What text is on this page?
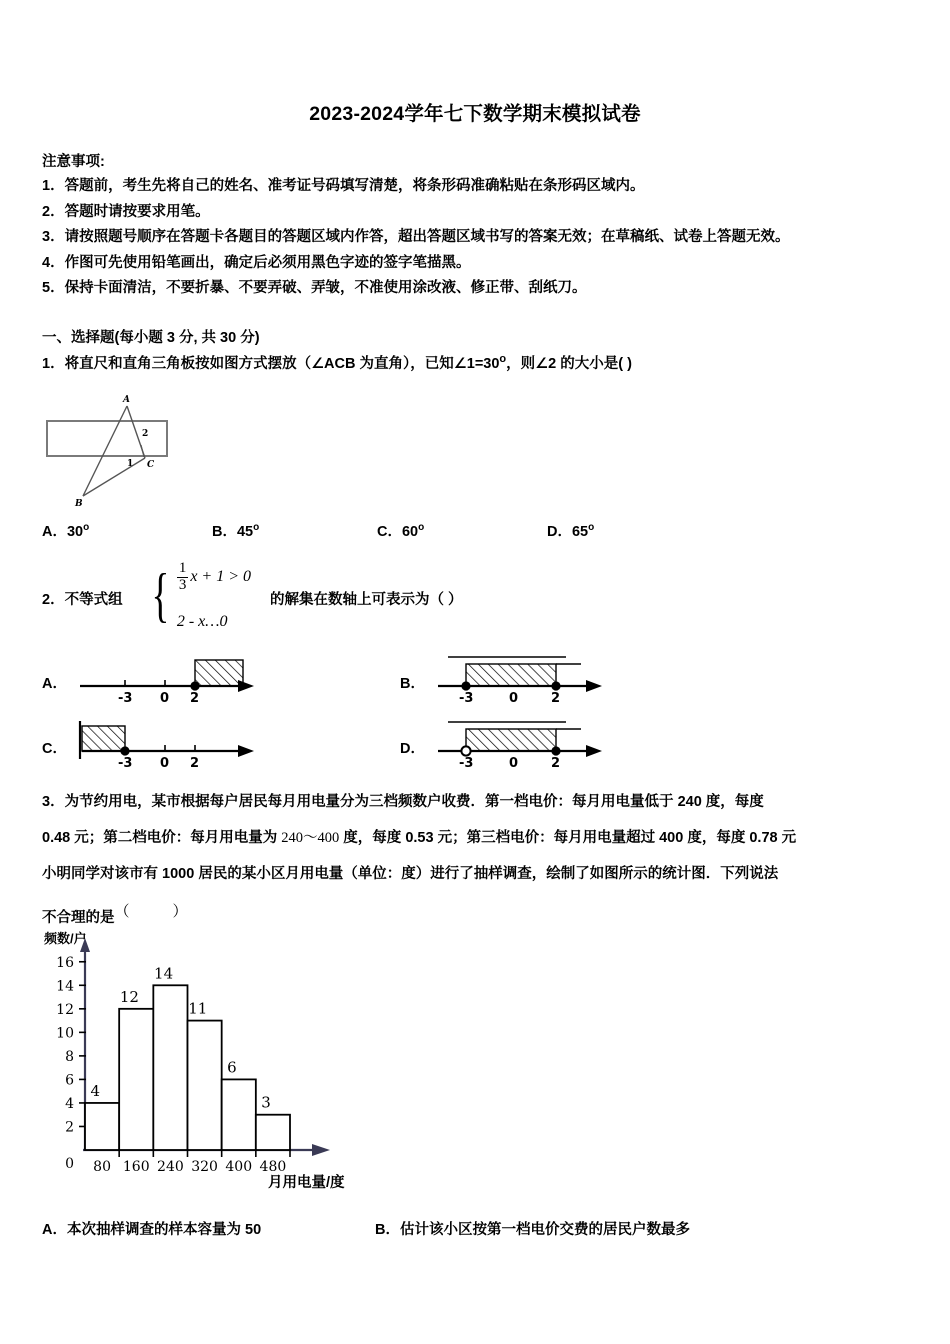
2023-2024学年七下数学期末模拟试卷
注意事项:
1．答题前，考生先将自己的姓名、准考证号码填写清楚，将条形码准确粘贴在条形码区域内。
2．答题时请按要求用笔。
3．请按照题号顺序在答题卡各题目的答题区域内作答，超出答题区域书写的答案无效；在草稿纸、试卷上答题无效。
4．作图可先使用铅笔画出，确定后必须用黑色字迹的签字笔描黑。
5．保持卡面清洁，不要折暴、不要弄破、弄皱，不准使用涂改液、修正带、刮纸刀。
一、选择题(每小题 3 分, 共 30 分)
1．将直尺和直角三角板按如图方式摆放（∠ACB 为直角），已知$\angle 1=30^o$，则∠2 的大小是( )
A
B
C
1
2
A．30$^o$	B．45$^o$	C．60$^o$	D．65$^o$
2．不等式组 { $\frac{1}{3}$ x + 1 > 0
2 - x…0
的解集在数轴上可表示为（ ）
A．
-3 0 2
B．
-3	0	2
C．
-3 0 2
D．
-3	0	2
3．为节约用电，某市根据每户居民每月用电量分为三档频数户收费．第一档电价：每月用电量低于 240 度，每度
0.48 元；第二档电价：每月用电量为 240～400 度，每度 0.53 元；第三档电价：每月用电量超过 400 度，每度 0.78 元
小明同学对该市有 1000 居民的某小区月用电量（单位：度）进行了抽样调查，绘制了如图所示的统计图．下列说法
不合理的是（　）
频数/户
月用电量/度
2
4
6
8
10
12
14
16
0
4
12
14
11
6
3
80 160 240 320 400 480
A．本次抽样调查的样本容量为 50	B．估计该小区按第一档电价交费的居民户数最多
